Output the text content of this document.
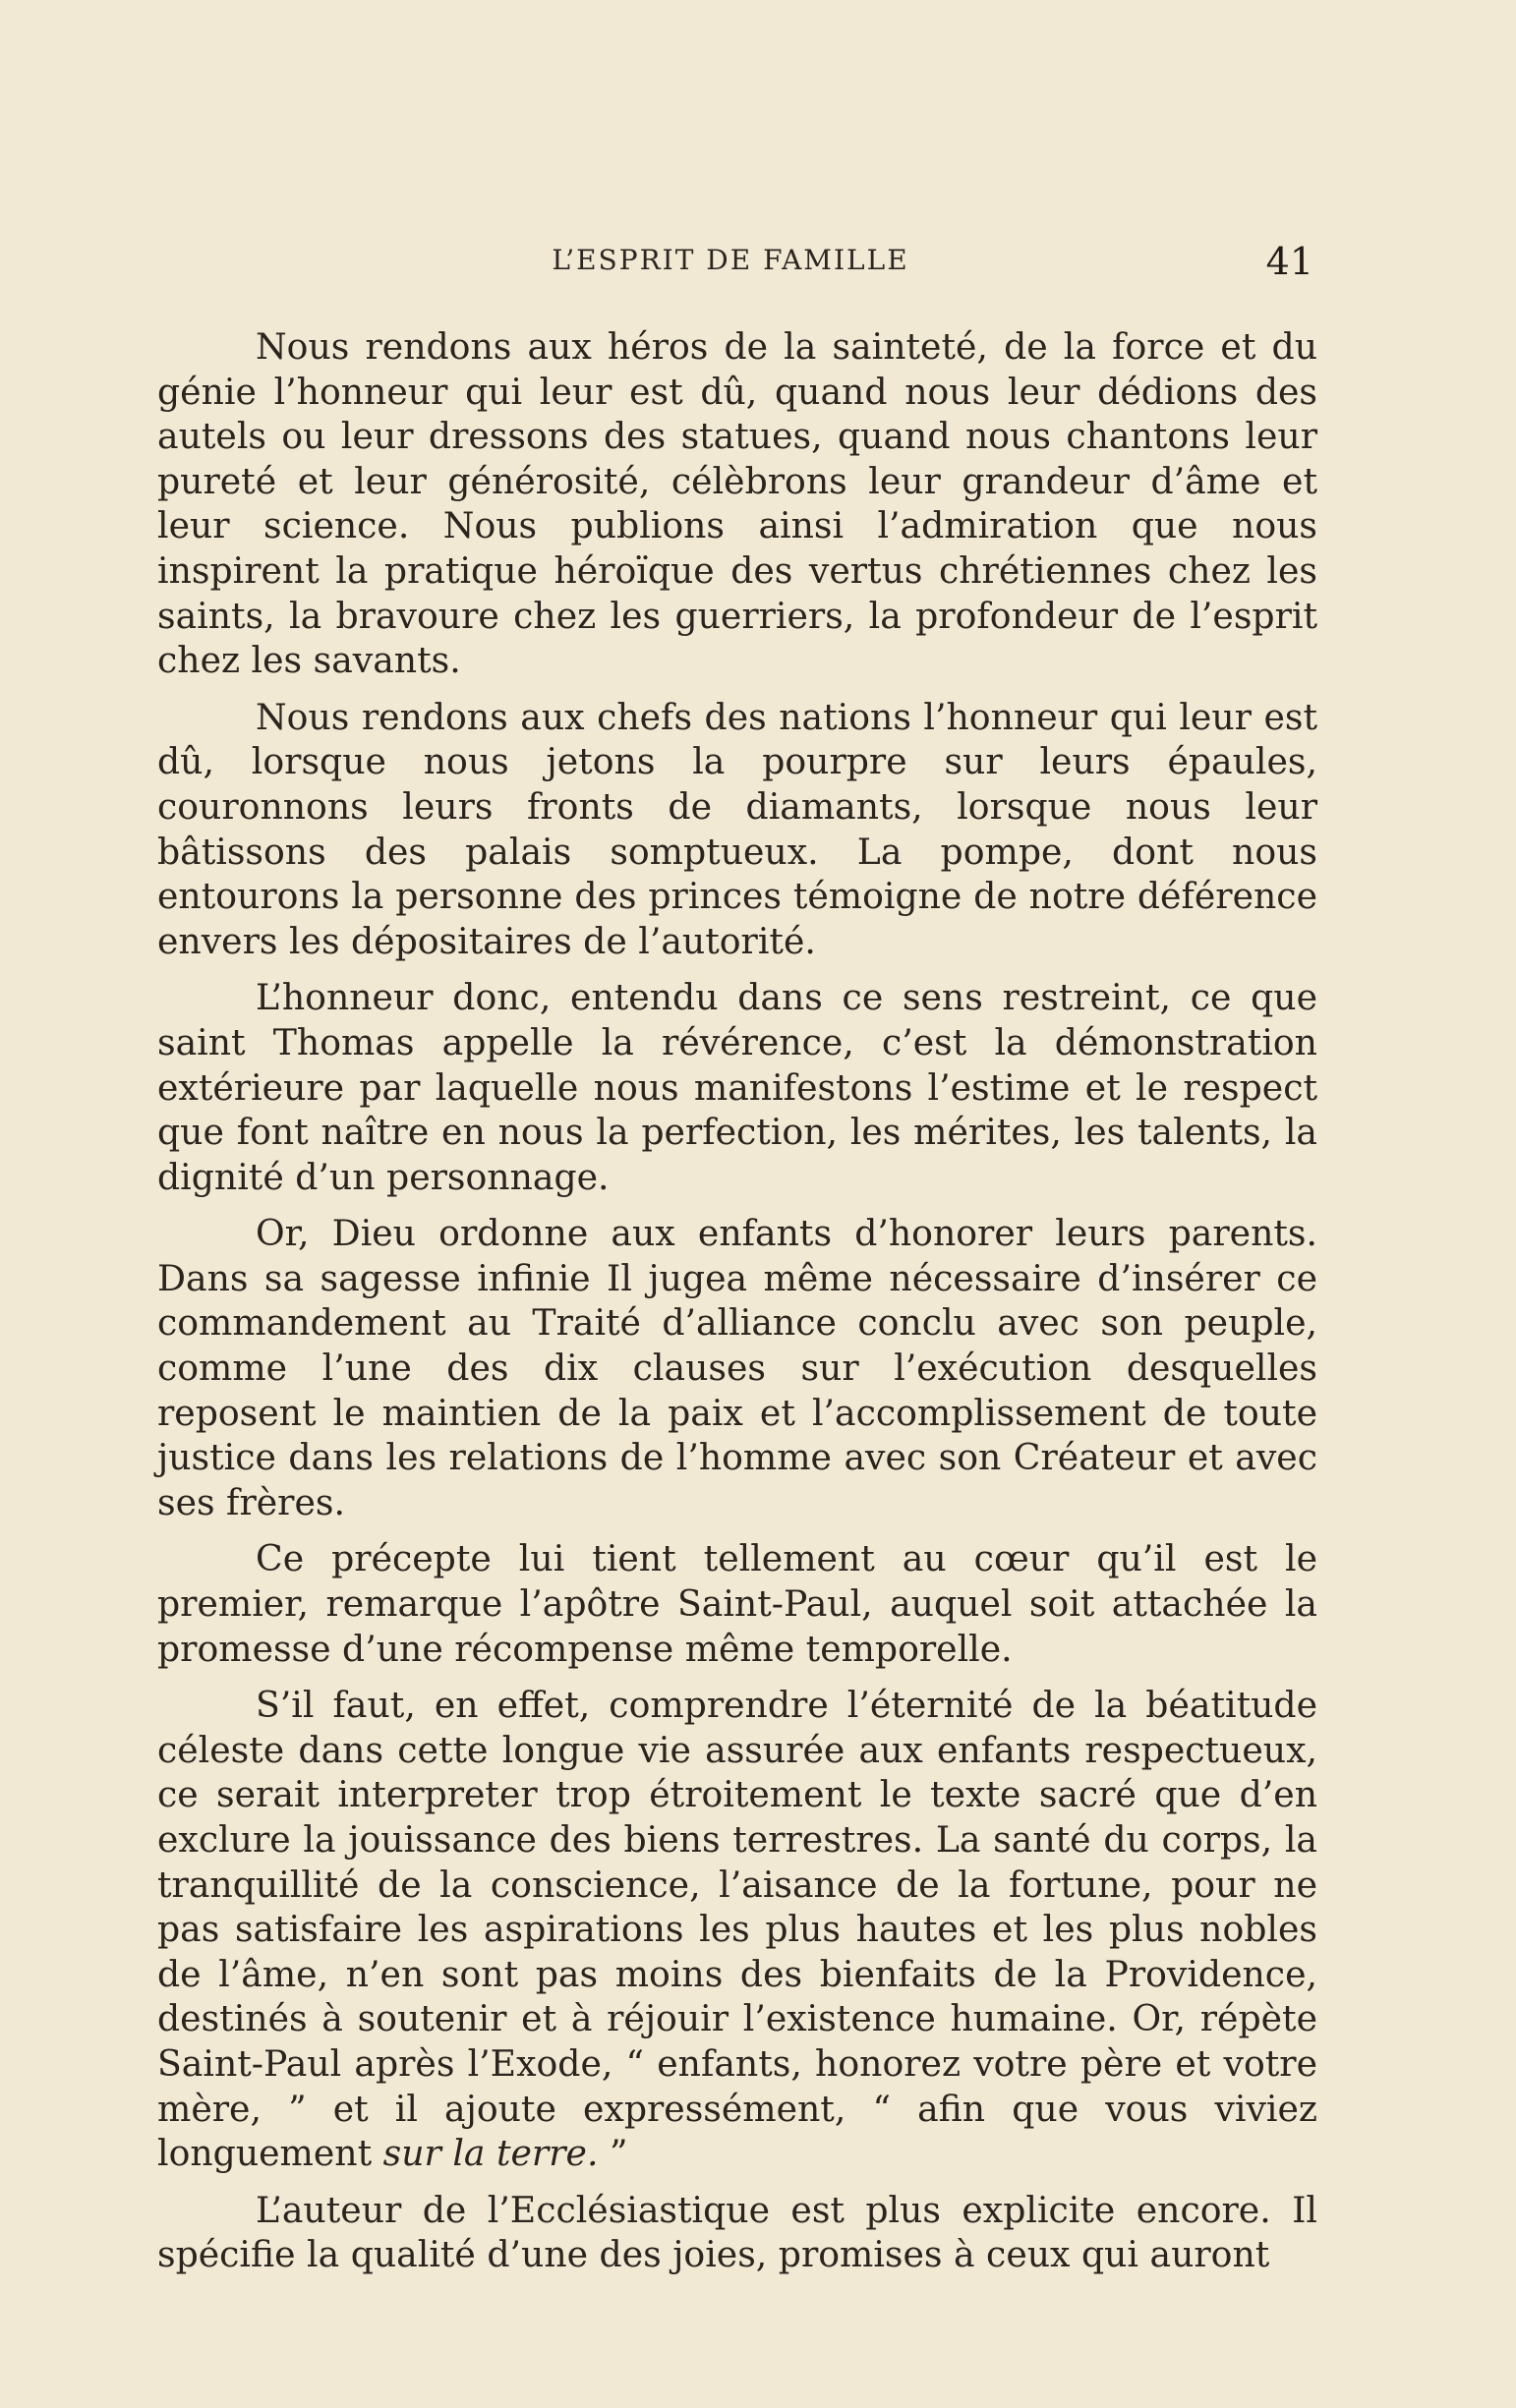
L’ESPRIT DE FAMILLE	41

Nous rendons aux héros de la sainteté, de la force et du génie l’honneur qui leur est dû, quand nous leur dédions des autels ou leur dressons des statues, quand nous chantons leur pureté et leur générosité, célèbrons leur grandeur d’âme et leur science. Nous publions ainsi l’admiration que nous inspirent la pratique héroïque des vertus chrétiennes chez les saints, la bravoure chez les guerriers, la profondeur de l’esprit chez les savants.

Nous rendons aux chefs des nations l’honneur qui leur est dû, lorsque nous jetons la pourpre sur leurs épaules, couronnons leurs fronts de diamants, lorsque nous leur bâtissons des palais somptueux. La pompe, dont nous entourons la personne des princes témoigne de notre déférence envers les dépositaires de l’autorité.

L’honneur donc, entendu dans ce sens restreint, ce que saint Thomas appelle la révérence, c’est la démonstration extérieure par laquelle nous manifestons l’estime et le respect que font naître en nous la perfection, les mérites, les talents, la dignité d’un personnage.

Or, Dieu ordonne aux enfants d’honorer leurs parents. Dans sa sagesse infinie Il jugea même nécessaire d’insérer ce commandement au Traité d’alliance conclu avec son peuple, comme l’une des dix clauses sur l’exécution desquelles reposent le maintien de la paix et l’accomplissement de toute justice dans les relations de l’homme avec son Créateur et avec ses frères.

Ce précepte lui tient tellement au cœur qu’il est le premier, remarque l’apôtre Saint-Paul, auquel soit attachée la promesse d’une récompense même temporelle.

S’il faut, en effet, comprendre l’éternité de la béatitude céleste dans cette longue vie assurée aux enfants respectueux, ce serait interpreter trop étroitement le texte sacré que d’en exclure la jouissance des biens terrestres. La santé du corps, la tranquillité de la conscience, l’aisance de la fortune, pour ne pas satisfaire les aspirations les plus hautes et les plus nobles de l’âme, n’en sont pas moins des bienfaits de la Providence, destinés à soutenir et à réjouir l’existence humaine. Or, répète Saint-Paul après l’Exode, “ enfants, honorez votre père et votre mère, ” et il ajoute expressément, “ afin que vous viviez longuement sur la terre. ”

L’auteur de l’Ecclésiastique est plus explicite encore. Il spécifie la qualité d’une des joies, promises à ceux qui auront
